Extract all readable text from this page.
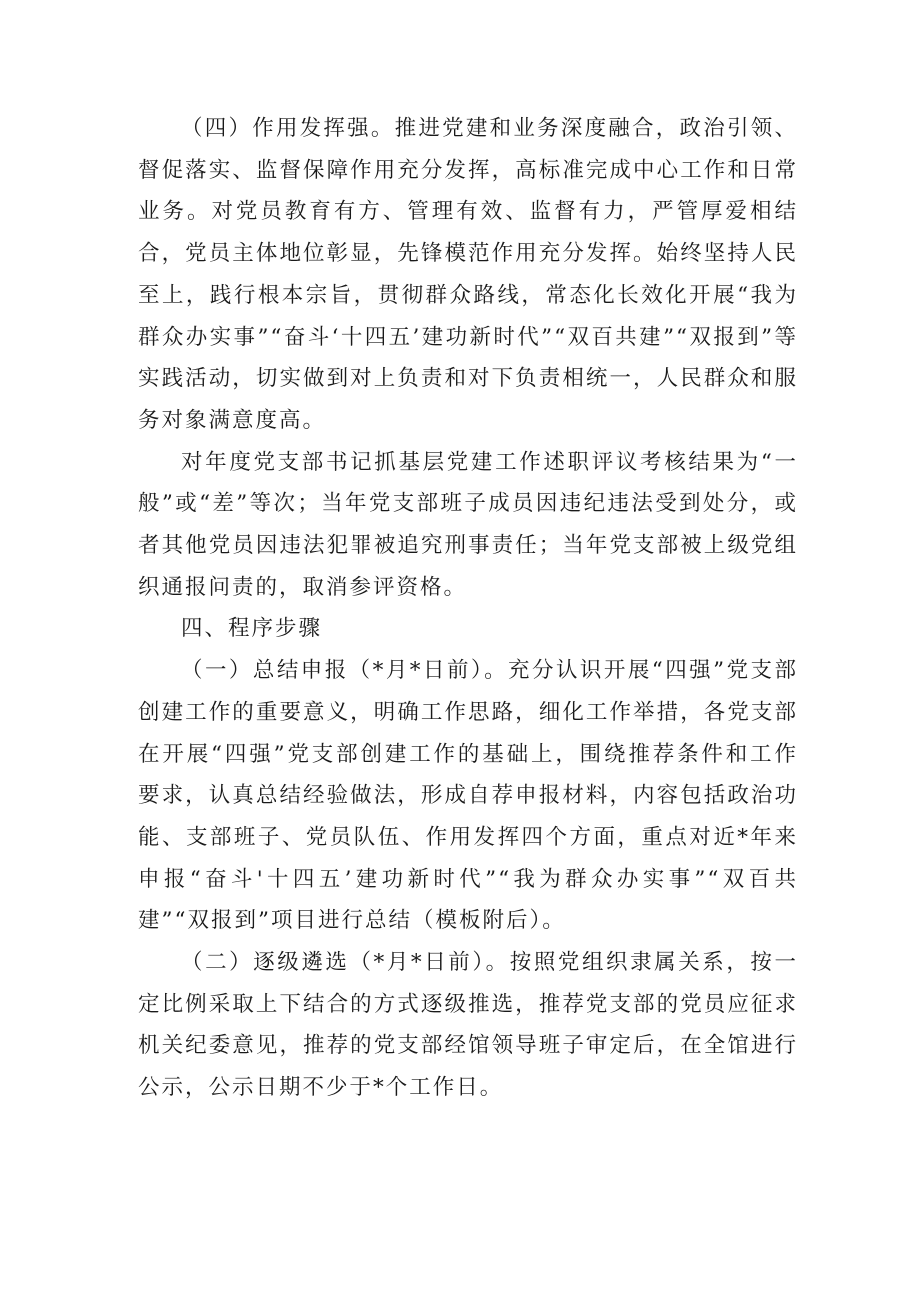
（四）作用发挥强。推进党建和业务深度融合，政治引领、督促落实、监督保障作用充分发挥，高标准完成中心工作和日常业务。对党员教育有方、管理有效、监督有力，严管厚爱相结合，党员主体地位彰显，先锋模范作用充分发挥。始终坚持人民至上，践行根本宗旨，贯彻群众路线，常态化长效化开展“我为群众办实事”“奋斗‘十四五’建功新时代”“双百共建”“双报到”等实践活动，切实做到对上负责和对下负责相统一，人民群众和服务对象满意度高。

对年度党支部书记抓基层党建工作述职评议考核结果为“一般”或“差”等次；当年党支部班子成员因违纪违法受到处分，或者其他党员因违法犯罪被追究刑事责任；当年党支部被上级党组织通报问责的，取消参评资格。

四、程序步骤

（一）总结申报（*月*日前）。充分认识开展“四强”党支部创建工作的重要意义，明确工作思路，细化工作举措，各党支部在开展“四强”党支部创建工作的基础上，围绕推荐条件和工作要求，认真总结经验做法，形成自荐申报材料，内容包括政治功能、支部班子、党员队伍、作用发挥四个方面，重点对近*年来申报“奋斗'十四五’建功新时代”“我为群众办实事”“双百共建”“双报到”项目进行总结（模板附后）。

（二）逐级遴选（*月*日前）。按照党组织隶属关系，按一定比例采取上下结合的方式逐级推选，推荐党支部的党员应征求机关纪委意见，推荐的党支部经馆领导班子审定后，在全馆进行公示，公示日期不少于*个工作日。
